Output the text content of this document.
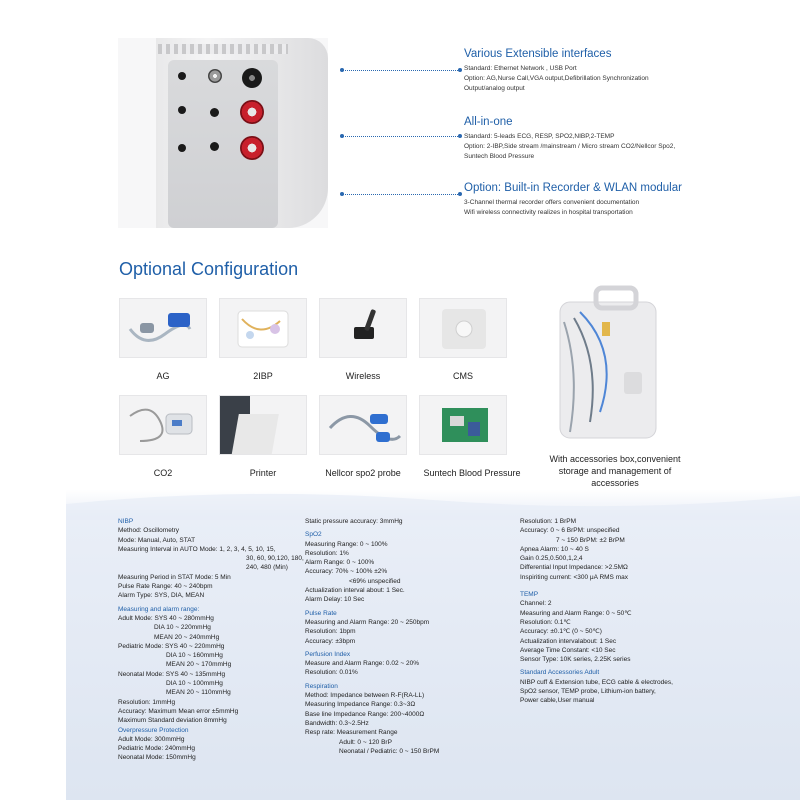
Various Extensible interfaces
Standard: Ethernet Network , USB Port
Option: AG,Nurse Call,VGA output,Defibrillation Synchronization
Output/analog output
All-in-one
Standard: 5-leads ECG, RESP, SPO2,NIBP,2-TEMP
Option: 2-IBP,Side stream /mainstream / Micro stream CO2/Nellcor Spo2,
Suntech Blood Pressure
Option: Built-in Recorder & WLAN modular
3-Channel thermal recorder offers convenient documentation
Wifi wireless connectivity realizes in hospital transportation
Optional Configuration
AG	2IBP	Wireless	CMS
CO2	Printer	Nellcor spo2 probe	Suntech Blood Pressure
With accessories box,convenient
storage and management of accessories
NIBP
Method: Oscillometry
Mode: Manual, Auto, STAT
Measuring Interval in AUTO Mode: 1, 2, 3, 4, 5, 10, 15,
30, 60, 90,120, 180,
240, 480 (Min)
Measuring Period in STAT Mode: 5 Min
Pulse Rate Range: 40 ~ 240bpm
Alarm Type: SYS, DIA, MEAN
Measuring and alarm range:
Adult Mode: SYS 40 ~ 280mmHg
DIA 10 ~ 220mmHg
MEAN 20 ~ 240mmHg
Pediatric Mode: SYS 40 ~ 220mmHg
DIA 10 ~ 160mmHg
MEAN 20 ~ 170mmHg
Neonatal Mode: SYS 40 ~ 135mmHg
DIA 10 ~ 100mmHg
MEAN 20 ~ 110mmHg
Resolution: 1mmHg
Accuracy: Maximum Mean error ±5mmHg
Maximum Standard deviation 8mmHg
Overpressure Protection
Adult Mode: 300mmHg
Pediatric Mode: 240mmHg
Neonatal Mode: 150mmHg
Static pressure accuracy: 3mmHg
SpO2
Measuring Range: 0 ~ 100%
Resolution: 1%
Alarm Range: 0 ~ 100%
Accuracy: 70% ~ 100% ±2%
<69% unspecified
Actualization interval about: 1 Sec.
Alarm Delay: 10 Sec
Pulse Rate
Measuring and Alarm Range: 20 ~ 250bpm
Resolution: 1bpm
Accuracy: ±3bpm
Perfusion Index
Measure and Alarm Range: 0.02 ~ 20%
Resolution: 0.01%
Respiration
Method: Impedance between R-F(RA-LL)
Measuring Impedance Range: 0.3~3Ω
Base line Impedance Range: 200~4000Ω
Bandwidth: 0.3~2.5Hz
Resp rate: Measurement Range
Adult: 0 ~ 120 BrP
Neonatal / Pediatric: 0 ~ 150 BrPM
Resolution: 1 BrPM
Accuracy: 0 ~ 6 BrPM: unspecified
7 ~ 150 BrPM: ±2 BrPM
Apnea Alarm: 10 ~ 40 S
Gain 0.25,0.500,1,2,4
Differential Input Impedance: >2.5MΩ
Inspiriting current: <300 μA RMS max
TEMP
Channel: 2
Measuring and Alarm Range: 0 ~ 50℃
Resolution: 0.1℃
Accuracy: ±0.1℃ (0 ~ 50℃)
Actualization intervalabout: 1 Sec
Average Time Constant: <10 Sec
Sensor Type: 10K series, 2.25K series
Standard Accessories Adult
NIBP cuff & Extension tube, ECG cable & electrodes,
SpO2 sensor, TEMP probe, Lithium-ion battery,
Power cable,User manual
